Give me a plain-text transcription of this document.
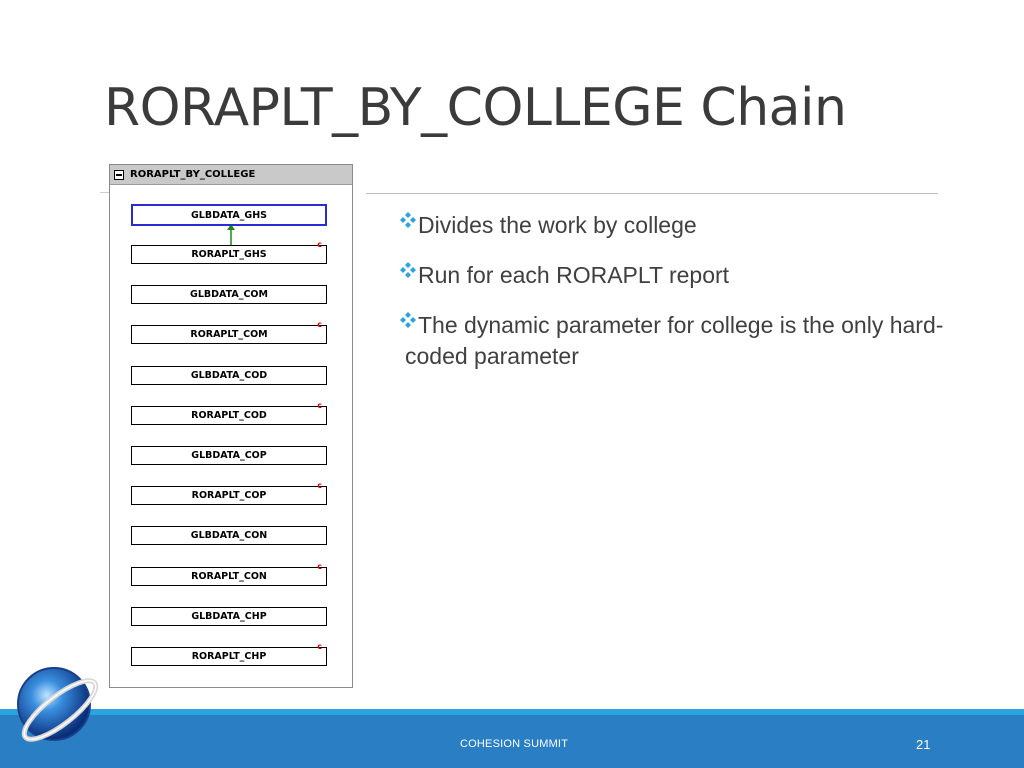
RORAPLT_BY_COLLEGE Chain
RORAPLT_BY_COLLEGE
GLBDATA_GHS
RORAPLT_GHS
c
GLBDATA_COM
RORAPLT_COM
c
GLBDATA_COD
RORAPLT_COD
c
GLBDATA_COP
RORAPLT_COP
c
GLBDATA_CON
RORAPLT_CON
c
GLBDATA_CHP
RORAPLT_CHP
c
Divides the work by college
Run for each RORAPLT report
The dynamic parameter for college is the only hard-
coded parameter
COHESION SUMMIT	21
